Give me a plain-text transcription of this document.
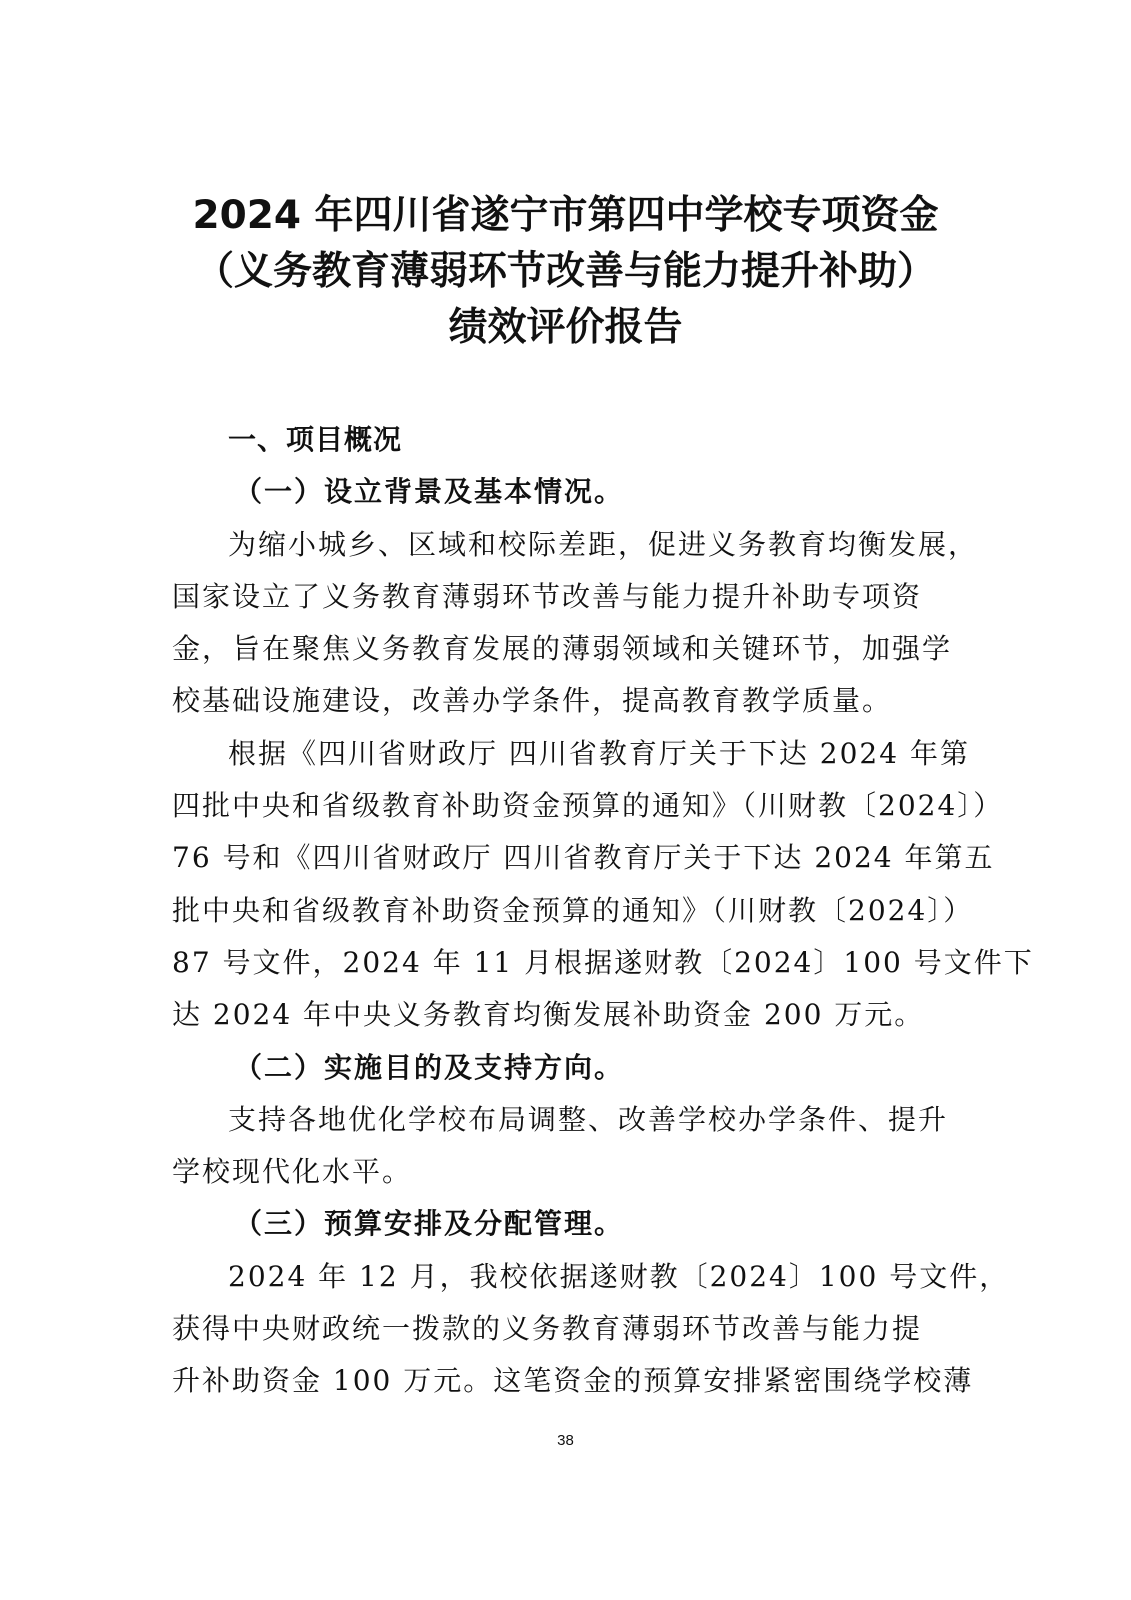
2024 年四川省遂宁市第四中学校专项资金
（义务教育薄弱环节改善与能力提升补助）
绩效评价报告
一、项目概况
（一）设立背景及基本情况。
为缩小城乡、区域和校际差距，促进义务教育均衡发展，
国家设立了义务教育薄弱环节改善与能力提升补助专项资
金，旨在聚焦义务教育发展的薄弱领域和关键环节，加强学
校基础设施建设，改善办学条件，提高教育教学质量。
根据《四川省财政厅 四川省教育厅关于下达 2024 年第
四批中央和省级教育补助资金预算的通知》（川财教〔2024〕）
76 号和《四川省财政厅 四川省教育厅关于下达 2024 年第五
批中央和省级教育补助资金预算的通知》（川财教〔2024〕）
87 号文件，2024 年 11 月根据遂财教〔2024〕100 号文件下
达 2024 年中央义务教育均衡发展补助资金 200 万元。
（二）实施目的及支持方向。
支持各地优化学校布局调整、改善学校办学条件、提升
学校现代化水平。
（三）预算安排及分配管理。
2024 年 12 月，我校依据遂财教〔2024〕100 号文件，
获得中央财政统一拨款的义务教育薄弱环节改善与能力提
升补助资金 100 万元。这笔资金的预算安排紧密围绕学校薄
38
